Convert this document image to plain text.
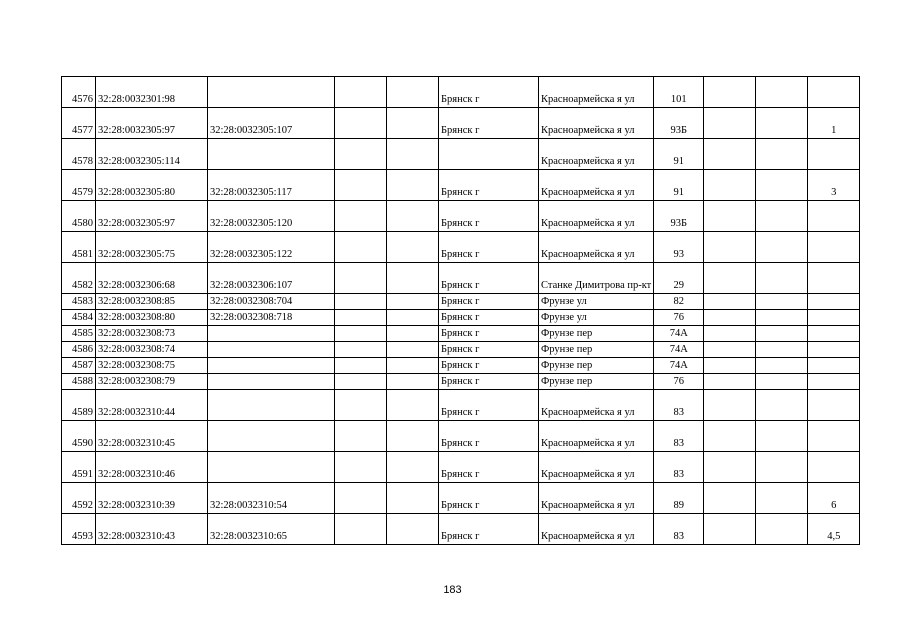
4576	32:28:0032301:98				Брянск г	Красноармейска я ул	101			
4577	32:28:0032305:97	32:28:0032305:107			Брянск г	Красноармейска я ул	93Б			1
4578	32:28:0032305:114					Красноармейска я ул	91			
4579	32:28:0032305:80	32:28:0032305:117			Брянск г	Красноармейска я ул	91			3
4580	32:28:0032305:97	32:28:0032305:120			Брянск г	Красноармейска я ул	93Б			
4581	32:28:0032305:75	32:28:0032305:122			Брянск г	Красноармейска я ул	93			
4582	32:28:0032306:68	32:28:0032306:107			Брянск г	Станке Димитрова пр-кт	29			
4583	32:28:0032308:85	32:28:0032308:704			Брянск г	Фрунзе ул	82			
4584	32:28:0032308:80	32:28:0032308:718			Брянск г	Фрунзе ул	76			
4585	32:28:0032308:73				Брянск г	Фрунзе пер	74А			
4586	32:28:0032308:74				Брянск г	Фрунзе пер	74А			
4587	32:28:0032308:75				Брянск г	Фрунзе пер	74А			
4588	32:28:0032308:79				Брянск г	Фрунзе пер	76			
4589	32:28:0032310:44				Брянск г	Красноармейска я ул	83			
4590	32:28:0032310:45				Брянск г	Красноармейска я ул	83			
4591	32:28:0032310:46				Брянск г	Красноармейска я ул	83			
4592	32:28:0032310:39	32:28:0032310:54			Брянск г	Красноармейска я ул	89			6
4593	32:28:0032310:43	32:28:0032310:65			Брянск г	Красноармейска я ул	83			4,5
183
